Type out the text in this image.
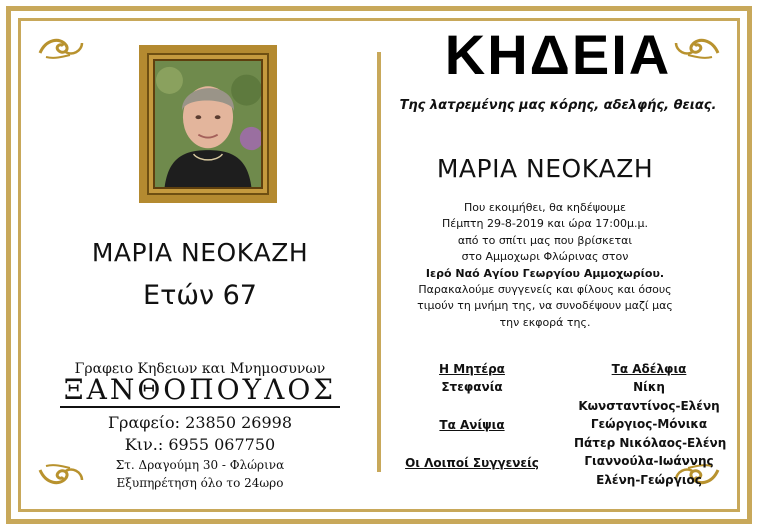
ΜΑΡΙΑ ΝΕΟΚΑΖΗ
Ετών 67
Γραφειο Κηδειων και Μνημοσυνων
ΞΑΝΘΟΠΟΥΛΟΣ
Γραφείο: 23850 26998
Κιν.: 6955 067750
Στ. Δραγούμη 30 - Φλώρινα
Εξυπηρέτηση όλο το 24ωρο
ΚΗΔΕΙΑ
Της λατρεμένης μας κόρης, αδελφής, θειας.
ΜΑΡΙΑ ΝΕΟΚΑΖΗ
Που εκοιμήθει, θα κηδέψουμε
Πέμπτη 29-8-2019 και ώρα 17:00μ.μ.
από το σπίτι μας που βρίσκεται
στο Αμμοχωρι Φλώρινας στον
Ιερό Ναό Αγίου Γεωργίου Αμμοχωρίου.
Παρακαλούμε συγγενείς και φίλους και όσους
τιμούν τη μνήμη της, να συνοδέψουν μαζί μας
την εκφορά της.
Η Μητέρα
Στεφανία
Τα Ανίψια
Οι Λοιποί Συγγενείς
Τα Αδέλφια
Νίκη
Κωνσταντίνος-Ελένη
Γεώργιος-Μόνικα
Πάτερ Νικόλαος-Ελένη
Γιαννούλα-Ιωάννης
Ελένη-Γεώργιος
